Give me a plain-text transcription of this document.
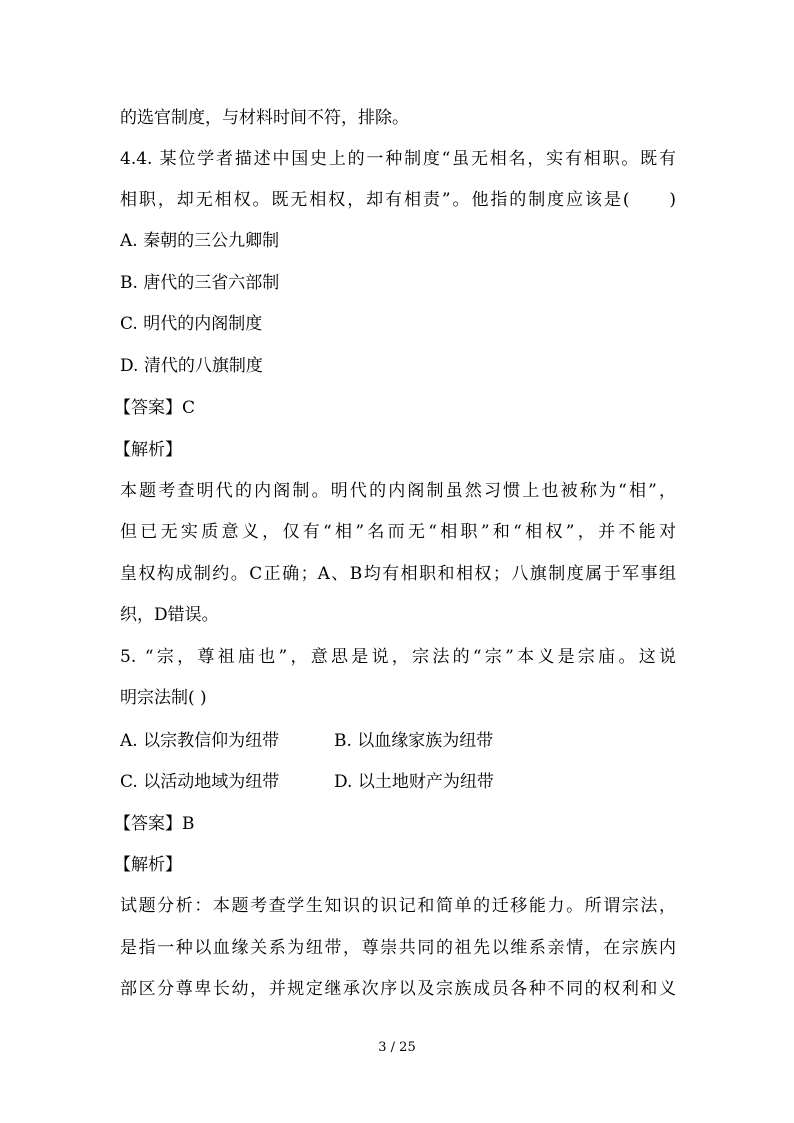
的选官制度，与材料时间不符，排除。
4.4. 某位学者描述中国史上的一种制度“虽无相名，实有相职。既有
相职，却无相权。既无相权，却有相责”。他指的制度应该是(　　)
A. 秦朝的三公九卿制
B. 唐代的三省六部制
C. 明代的内阁制度
D. 清代的八旗制度
【答案】C
【解析】
本题考查明代的内阁制。明代的内阁制虽然习惯上也被称为“相”，
但已无实质意义，仅有“相”名而无“相职”和“相权”，并不能对
皇权构成制约。C正确；A、B均有相职和相权；八旗制度属于军事组
织，D错误。
5. “宗，尊祖庙也”，意思是说，宗法的“宗”本义是宗庙。这说
明宗法制( )
A. 以宗教信仰为纽带	B. 以血缘家族为纽带
C. 以活动地域为纽带	D. 以土地财产为纽带
【答案】B
【解析】
试题分析：本题考查学生知识的识记和简单的迁移能力。所谓宗法，
是指一种以血缘关系为纽带，尊崇共同的祖先以维系亲情，在宗族内
部区分尊卑长幼，并规定继承次序以及宗族成员各种不同的权利和义
3 / 25
